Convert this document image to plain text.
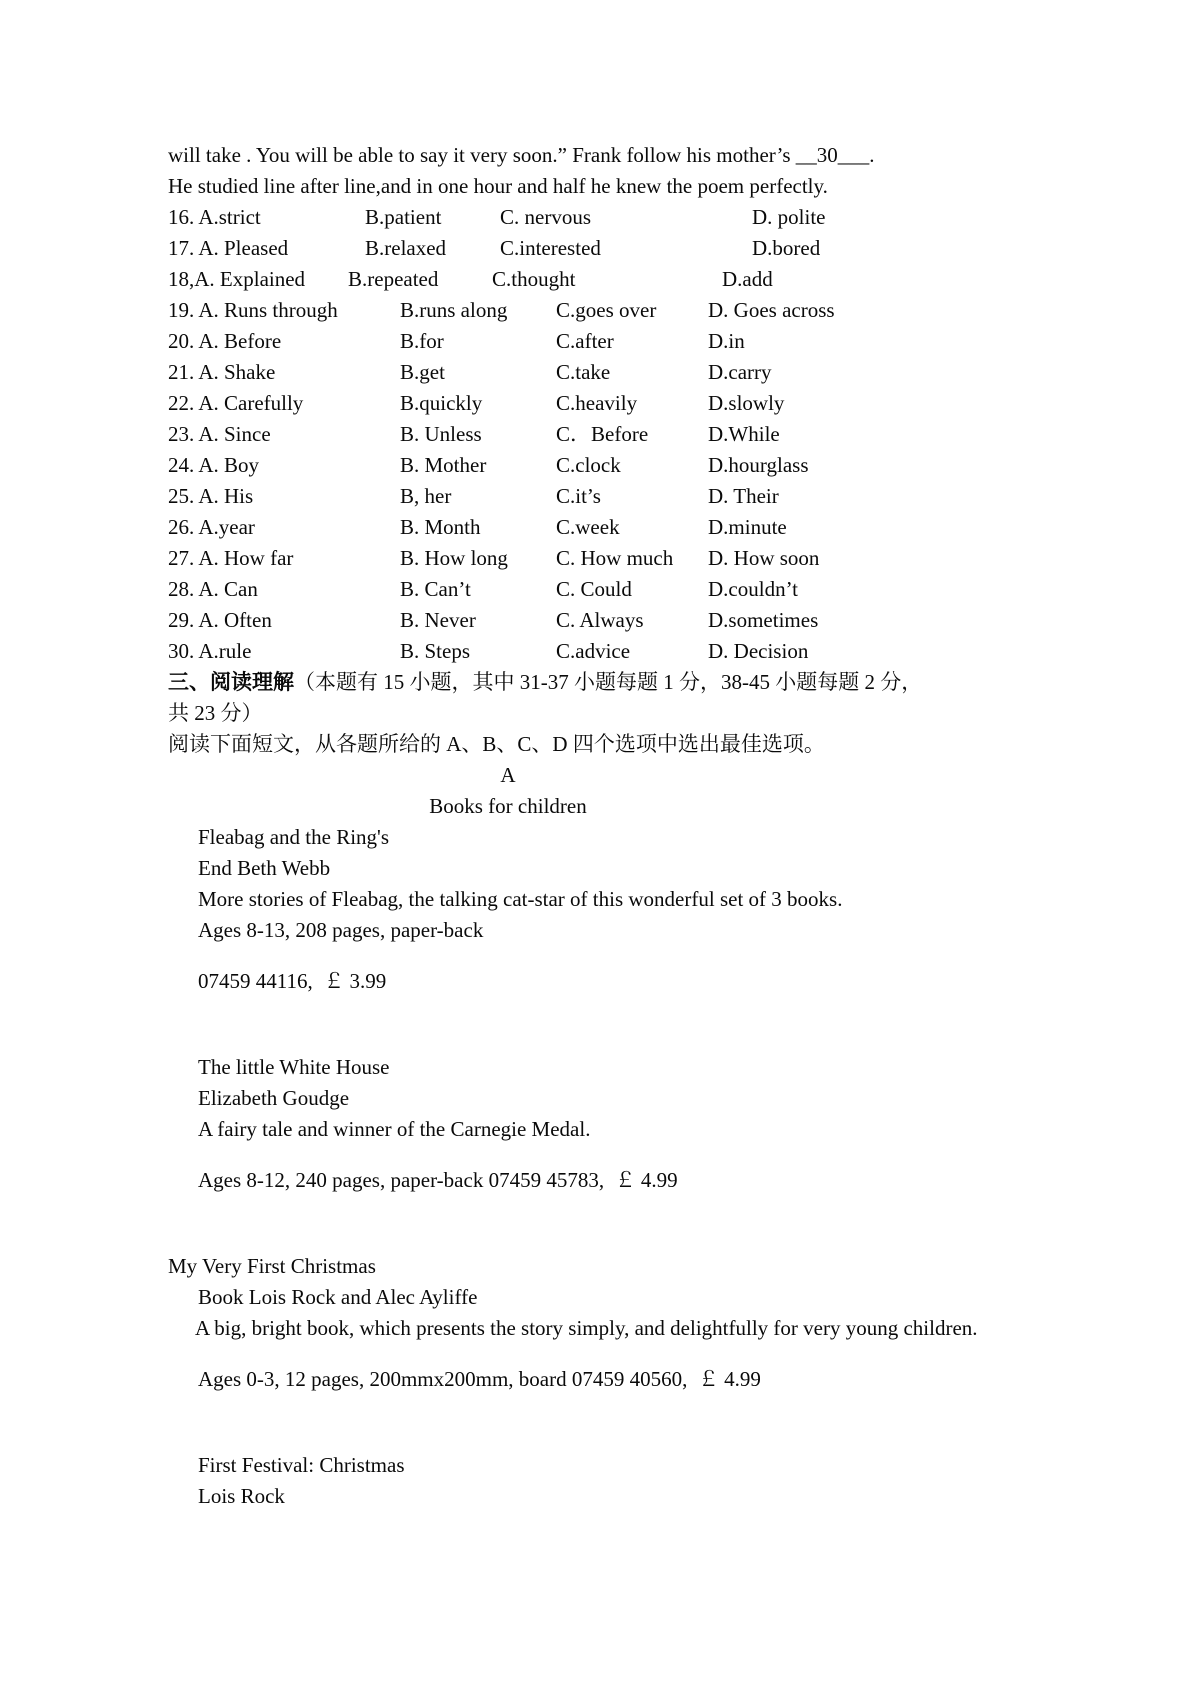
will take . You will be able to say it very soon.” Frank follow his mother’s __30___.

He studied line after line,and in one hour and half he knew the poem perfectly.

16. A.strict	B.patient	C. nervous	D. polite
17. A. Pleased	B.relaxed	C.interested	D.bored
18,A. Explained	B.repeated	C.thought	D.add
19. A. Runs through	B.runs along	C.goes over	D. Goes across
20. A. Before	B.for	C.after	D.in
21. A. Shake	B.get	C.take	D.carry
22. A. Carefully	B.quickly	C.heavily	D.slowly
23. A. Since	B. Unless	C．Before	D.While
24. A. Boy	B. Mother	C.clock	D.hourglass
25. A. His	B, her	C.it’s	D. Their
26. A.year	B. Month	C.week	D.minute
27. A. How far	B. How long	C. How much	D. How soon
28. A. Can	B. Can’t	C. Could	D.couldn’t
29. A. Often	B. Never	C. Always	D.sometimes
30. A.rule	B. Steps	C.advice	D. Decision

三、阅读理解（本题有 15 小题，其中 31-37 小题每题 1 分，38-45 小题每题 2 分，

共 23 分）

阅读下面短文，从各题所给的 A、B、C、D 四个选项中选出最佳选项。

A

Books for children

Fleabag and the Ring's

End Beth Webb

More stories of Fleabag, the talking cat-star of this wonderful set of 3 books.

Ages 8-13, 208 pages, paper-back

07459 44116,  ￡ 3.99

The little White House

Elizabeth Goudge

A fairy tale and winner of the Carnegie Medal.

Ages 8-12, 240 pages, paper-back 07459 45783,  ￡ 4.99

My Very First Christmas

Book Lois Rock and Alec Ayliffe

A big, bright book, which presents the story simply, and delightfully for very young children.

Ages 0-3, 12 pages, 200mmx200mm, board 07459 40560,  ￡ 4.99

First Festival: Christmas

Lois Rock
